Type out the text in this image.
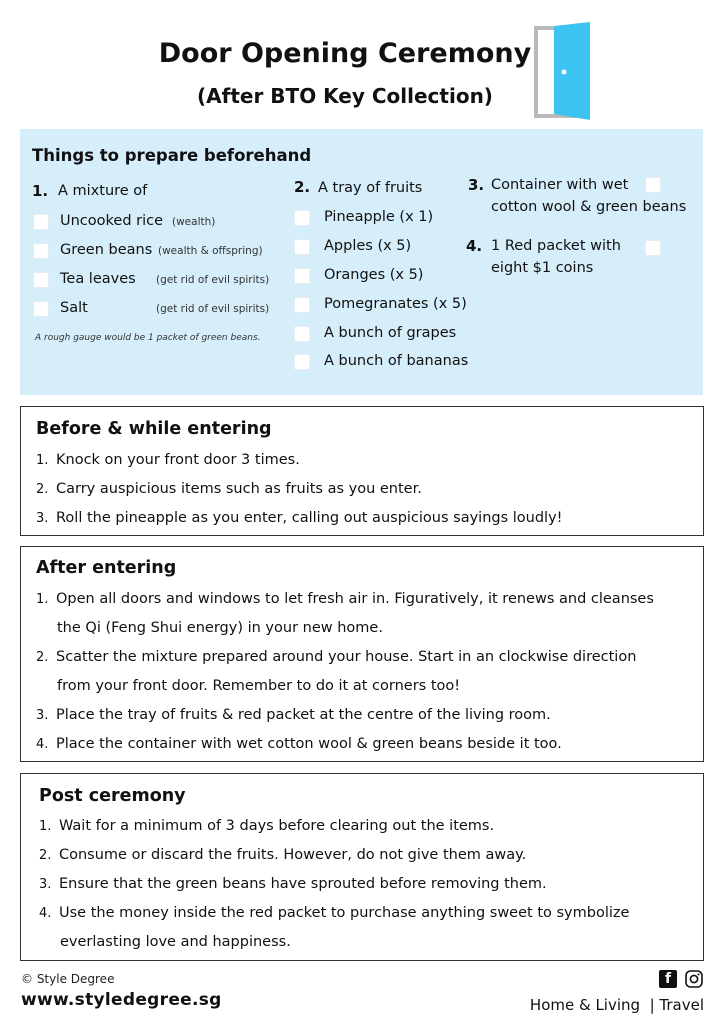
Door Opening Ceremony
(After BTO Key Collection)
Things to prepare beforehand
1. A mixture of
Uncooked rice (wealth)
Green beans (wealth & offspring)
Tea leaves (get rid of evil spirits)
Salt	(get rid of evil spirits)
A rough gauge would be 1 packet of green beans.
2. A tray of fruits
Pineapple (x 1)
Apples (x 5)
Oranges (x 5)
Pomegranates (x 5)
A bunch of grapes
A bunch of bananas
3. Container with wet
cotton wool & green beans
4. 1 Red packet with
eight $1 coins
Before & while entering
1. Knock on your front door 3 times.
2. Carry auspicious items such as fruits as you enter.
3. Roll the pineapple as you enter, calling out auspicious sayings loudly!
After entering
1. Open all doors and windows to let fresh air in. Figuratively, it renews and cleanses
the Qi (Feng Shui energy) in your new home.
2. Scatter the mixture prepared around your house. Start in an clockwise direction
from your front door. Remember to do it at corners too!
3. Place the tray of fruits & red packet at the centre of the living room.
4. Place the container with wet cotton wool & green beans beside it too.
Post ceremony
1. Wait for a minimum of 3 days before clearing out the items.
2. Consume or discard the fruits. However, do not give them away.
3. Ensure that the green beans have sprouted before removing them.
4. Use the money inside the red packet to purchase anything sweet to symbolize
everlasting love and happiness.
© Style Degree
www.styledegree.sg
f
Home & Living  | Travel
